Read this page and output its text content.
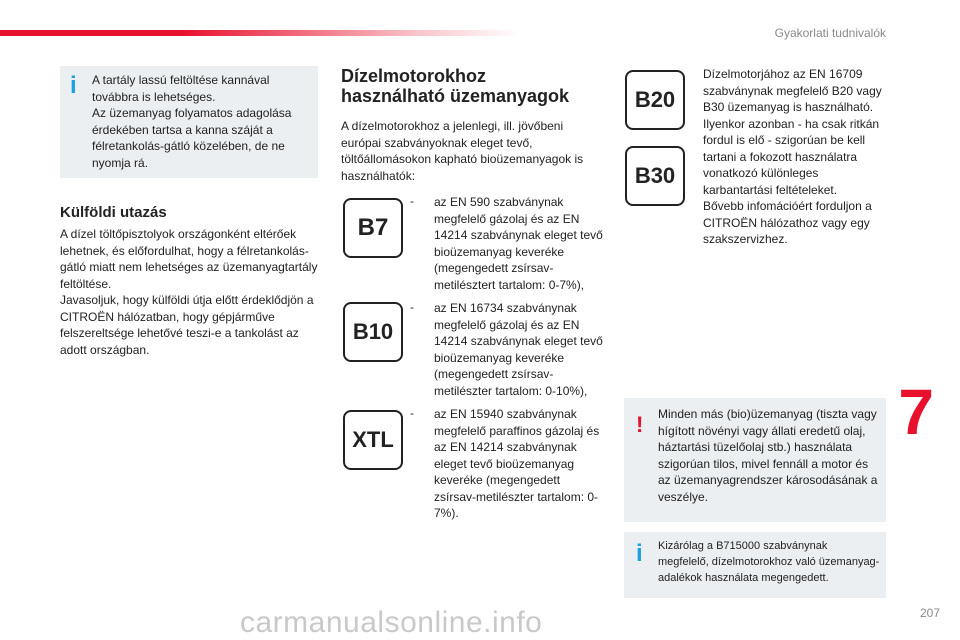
Gyakorlati tudnivalók
i A tartály lassú feltöltése kannával továbbra is lehetséges.
Az üzemanyag folyamatos adagolása érdekében tartsa a kanna száját a félretankolás-gátló közelében, de ne nyomja rá.
Külföldi utazás
A dízel töltőpisztolyok országonként eltérőek lehetnek, és előfordulhat, hogy a félretankolás-gátló miatt nem lehetséges az üzemanyagtartály feltöltése.
Javasoljuk, hogy külföldi útja előtt érdeklődjön a CITROËN hálózatban, hogy gépjárműve felszereltsége lehetővé teszi-e a tankolást az adott országban.
Dízelmotorokhoz használható üzemanyagok
A dízelmotorokhoz a jelenlegi, ill. jövőbeni európai szabványoknak eleget tevő, töltőállomásokon kapható bioüzemanyagok is használhatók:
B7
- az EN 590 szabványnak megfelelő gázolaj és az EN 14214 szabványnak eleget tevő bioüzemanyag keveréke (megengedett zsírsav-metilésztert tartalom: 0-7%),
B10
- az EN 16734 szabványnak megfelelő gázolaj és az EN 14214 szabványnak eleget tevő bioüzemanyag keveréke (megengedett zsírsav-metilészter tartalom: 0-10%),
XTL
- az EN 15940 szabványnak megfelelő paraffinos gázolaj és az EN 14214 szabványnak eleget tevő bioüzemanyag keveréke (megengedett zsírsav-metilészter tartalom: 0-7%).
B20
B30
Dízelmotorjához az EN 16709 szabványnak megfelelő B20 vagy B30 üzemanyag is használható. Ilyenkor azonban - ha csak ritkán fordul is elő - szigorúan be kell tartani a fokozott használatra vonatkozó különleges karbantartási feltételeket.
Bővebb infomációért forduljon a CITROËN hálózathoz vagy egy szakszervizhez.
! Minden más (bio)üzemanyag (tiszta vagy hígított növényi vagy állati eredetű olaj, háztartási tüzelőolaj stb.) használata szigorúan tilos, mivel fennáll a motor és az üzemanyagrendszer károsodásának a veszélye.
i Kizárólag a B715000 szabványnak megfelelő, dízelmotorokhoz való üzemanyag-adalékok használata megengedett.
7
carmanualsonline.info	207
